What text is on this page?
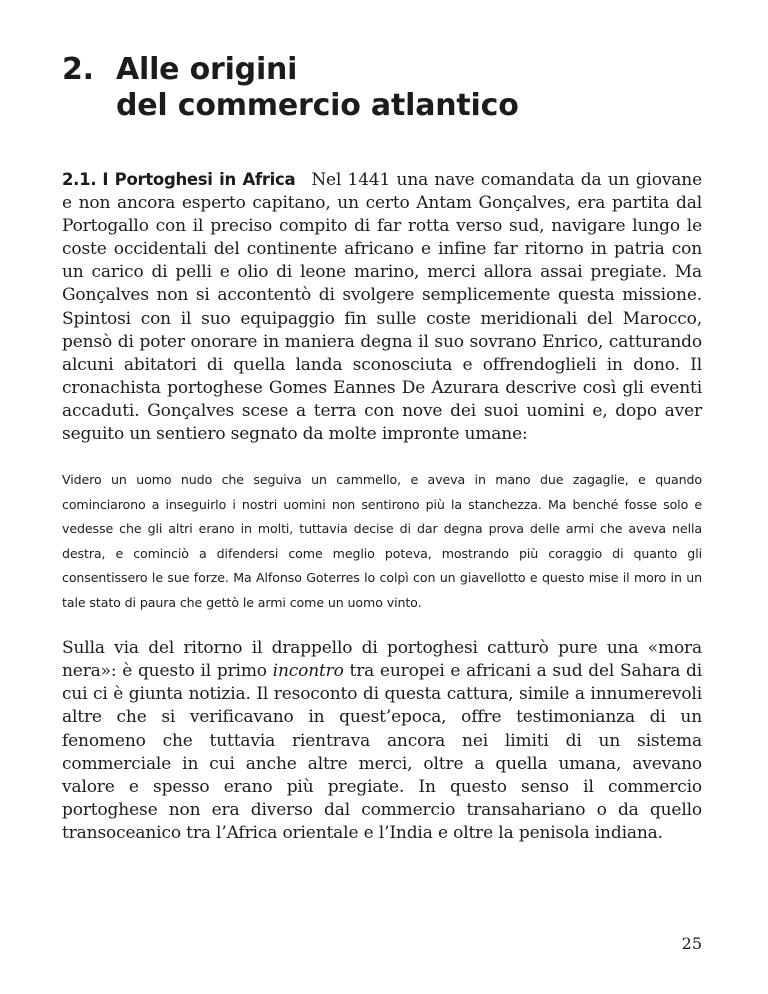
2. Alle origini
del commercio atlantico

2.1. I Portoghesi in Africa Nel 1441 una nave comandata da un giovane e non ancora esperto capitano, un certo Antam Gonçalves, era partita dal Portogallo con il preciso compito di far rotta verso sud, navigare lungo le coste occidentali del continente africano e infine far ritorno in patria con un carico di pelli e olio di leone marino, merci allora assai pregiate. Ma Gonçalves non si accontentò di svolgere semplicemente questa missione. Spintosi con il suo equipaggio fin sulle coste meridionali del Marocco, pensò di poter onorare in maniera degna il suo sovrano Enrico, catturando alcuni abitatori di quella landa sconosciuta e offrendoglieli in dono. Il cronachista portoghese Gomes Eannes De Azurara descrive così gli eventi accaduti. Gonçalves scese a terra con nove dei suoi uomini e, dopo aver seguito un sentiero segnato da molte impronte umane:

Videro un uomo nudo che seguiva un cammello, e aveva in mano due zagaglie, e quando cominciarono a inseguirlo i nostri uomini non sentirono più la stanchezza. Ma benché fosse solo e vedesse che gli altri erano in molti, tuttavia decise di dar degna prova delle armi che aveva nella destra, e cominciò a difendersi come meglio poteva, mostrando più coraggio di quanto gli consentissero le sue forze. Ma Alfonso Goterres lo colpì con un giavellotto e questo mise il moro in un tale stato di paura che gettò le armi come un uomo vinto.

Sulla via del ritorno il drappello di portoghesi catturò pure una «mora nera»: è questo il primo incontro tra europei e africani a sud del Sahara di cui ci è giunta notizia. Il resoconto di questa cattura, simile a innumerevoli altre che si verificavano in quest’epoca, offre testimonianza di un fenomeno che tuttavia rientrava ancora nei limiti di un sistema commerciale in cui anche altre merci, oltre a quella umana, avevano valore e spesso erano più pregiate. In questo senso il commercio portoghese non era diverso dal commercio transahariano o da quello transoceanico tra l’Africa orientale e l’India e oltre la penisola indiana.

25
